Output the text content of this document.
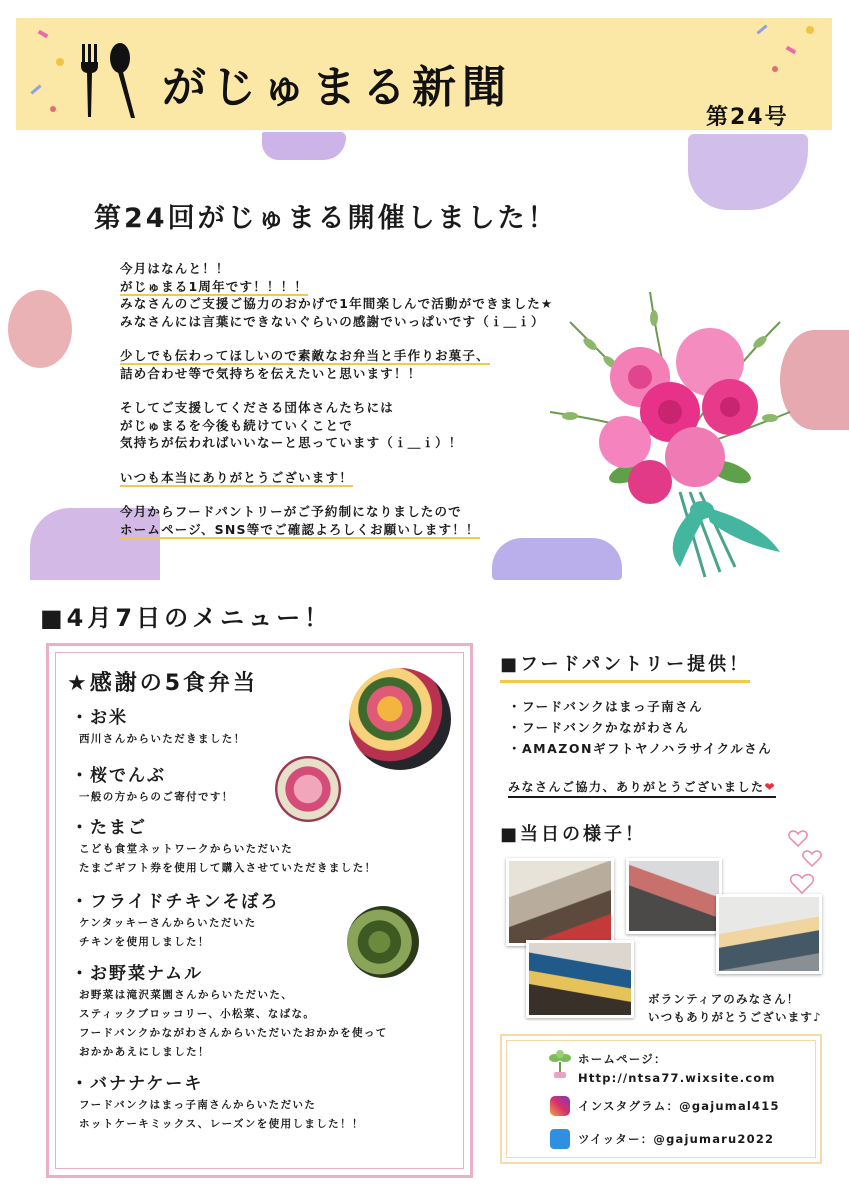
がじゅまる新聞
第24号
第24回がじゅまる開催しました！

今月はなんと！！

がじゅまる1周年です！！！！

みなさんのご支援ご協力のおかげで1年間楽しんで活動ができました★

みなさんには言葉にできないぐらいの感謝でいっぱいです（ｉ＿ｉ）

少しでも伝わってほしいので素敵なお弁当と手作りお菓子、

詰め合わせ等で気持ちを伝えたいと思います！！

そしてご支援してくださる団体さんたちには

がじゅまるを今後も続けていくことで

気持ちが伝わればいいなーと思っています（ｉ＿ｉ）！

いつも本当にありがとうございます！

今月からフードパントリーがご予約制になりましたので

ホームページ、SNS等でご確認よろしくお願いします！！

■4月7日のメニュー！
★感謝の5食弁当
・お米
西川さんからいただきました！
・桜でんぶ
一般の方からのご寄付です！
・たまご
こども食堂ネットワークからいただいた
たまごギフト券を使用して購入させていただきました！
・フライドチキンそぼろ
ケンタッキーさんからいただいた
チキンを使用しました！
・お野菜ナムル
お野菜は滝沢菜園さんからいただいた、
スティックブロッコリー、小松菜、なばな。
フードバンクかながわさんからいただいたおかかを使って
おかかあえにしました！
・バナナケーキ
フードバンクはまっ子南さんからいただいた
ホットケーキミックス、レーズンを使用しました！！
■フードパントリー提供！
・フードバンクはまっ子南さん
・フードバンクかながわさん
・AMAZONギフトヤノハラサイクルさん
みなさんご協力、ありがとうございました❤
■当日の様子！
ボランティアのみなさん！
いつもありがとうございます♪
ホームページ：
Http://ntsa77.wixsite.com
インスタグラム：@gajumal415
ツイッター：@gajumaru2022
